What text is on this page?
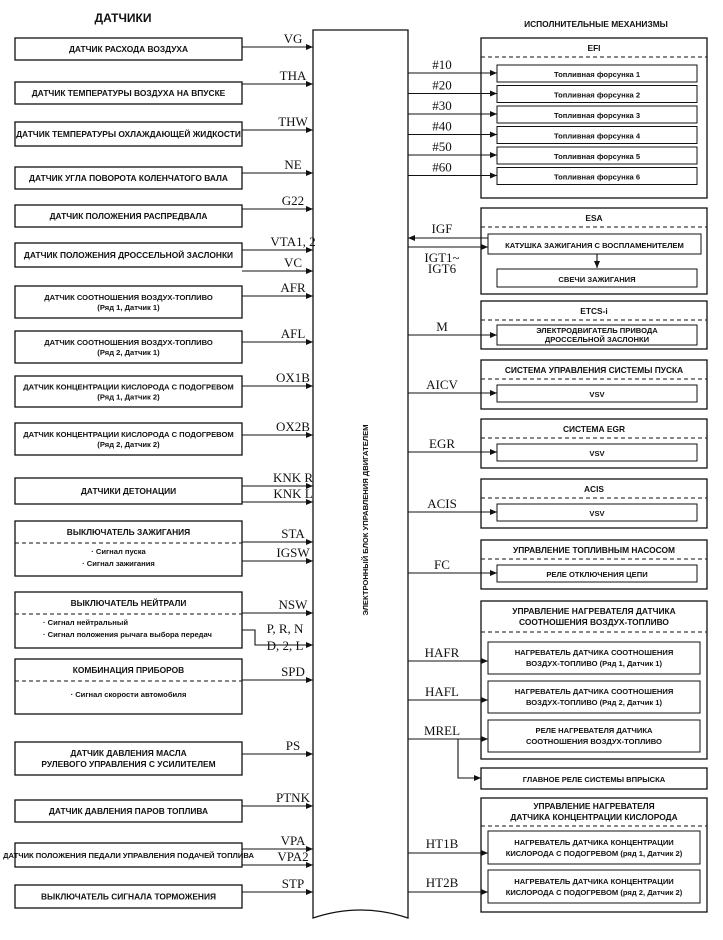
ДАТЧИКИ	ИСПОЛНИТЕЛЬНЫЕ МЕХАНИЗМЫ
ЭЛЕКТРОННЫЙ БЛОК УПРАВЛЕНИЯ ДВИГАТЕЛЕМ
ДАТЧИК РАСХОДА ВОЗДУХА
VG
ДАТЧИК ТЕМПЕРАТУРЫ ВОЗДУХА НА ВПУСКЕ
THA
ДАТЧИК ТЕМПЕРАТУРЫ ОХЛАЖДАЮЩЕЙ ЖИДКОСТИ
THW
ДАТЧИК УГЛА ПОВОРОТА КОЛЕНЧАТОГО ВАЛА
NE
ДАТЧИК ПОЛОЖЕНИЯ РАСПРЕДВАЛА
G22
ДАТЧИК ПОЛОЖЕНИЯ ДРОССЕЛЬНОЙ ЗАСЛОНКИ
VTA1, 2
VC
ДАТЧИК СООТНОШЕНИЯ ВОЗДУХ-ТОПЛИВО
(Ряд 1, Датчик 1)
AFR
ДАТЧИК СООТНОШЕНИЯ ВОЗДУХ-ТОПЛИВО
(Ряд 2, Датчик 1)
AFL
ДАТЧИК КОНЦЕНТРАЦИИ КИСЛОРОДА С ПОДОГРЕВОМ
(Ряд 1, Датчик 2)
OX1B
ДАТЧИК КОНЦЕНТРАЦИИ КИСЛОРОДА С ПОДОГРЕВОМ
(Ряд 2, Датчик 2)
OX2B
ДАТЧИКИ ДЕТОНАЦИИ
KNK R
KNK L
ВЫКЛЮЧАТЕЛЬ ЗАЖИГАНИЯ
· Сигнал пуска
· Сигнал зажигания
ВЫКЛЮЧАТЕЛЬ НЕЙТРАЛИ
· Сигнал нейтральный
· Сигнал положения рычага выбора передач
КОМБИНАЦИЯ ПРИБОРОВ
· Сигнал скорости автомобиля
STA
IGSW
NSW
P, R, N
D, 2, L
SPD
ДАТЧИК ДАВЛЕНИЯ МАСЛА
РУЛЕВОГО УПРАВЛЕНИЯ С УСИЛИТЕЛЕМ
PS
ДАТЧИК ДАВЛЕНИЯ ПАРОВ ТОПЛИВА
PTNK
ДАТЧИК ПОЛОЖЕНИЯ ПЕДАЛИ УПРАВЛЕНИЯ ПОДАЧЕЙ ТОПЛИВА
VPA
VPA2
ВЫКЛЮЧАТЕЛЬ СИГНАЛА ТОРМОЖЕНИЯ
STP
EFI
Топливная форсунка 1
#10
Топливная форсунка 2
#20
Топливная форсунка 3
#30
Топливная форсунка 4
#40
Топливная форсунка 5
#50
Топливная форсунка 6
#60
ESA
КАТУШКА ЗАЖИГАНИЯ С ВОСПЛАМЕНИТЕЛЕМ
СВЕЧИ ЗАЖИГАНИЯ
IGF
IGT1~
IGT6
ETCS-i
ЭЛЕКТРОДВИГАТЕЛЬ ПРИВОДА
ДРОССЕЛЬНОЙ ЗАСЛОНКИ
M
СИСТЕМА УПРАВЛЕНИЯ СИСТЕМЫ ПУСКА
VSV
AICV
СИСТЕМА EGR
VSV
EGR
ACIS
VSV
ACIS
УПРАВЛЕНИЕ ТОПЛИВНЫМ НАСОСОМ
РЕЛЕ ОТКЛЮЧЕНИЯ ЦЕПИ
FC
УПРАВЛЕНИЕ НАГРЕВАТЕЛЯ ДАТЧИКА
СООТНОШЕНИЯ ВОЗДУХ-ТОПЛИВО
НАГРЕВАТЕЛЬ ДАТЧИКА СООТНОШЕНИЯ
ВОЗДУХ-ТОПЛИВО (Ряд 1, Датчик 1)
HAFR
НАГРЕВАТЕЛЬ ДАТЧИКА СООТНОШЕНИЯ
ВОЗДУХ-ТОПЛИВО (Ряд 2, Датчик 1)
HAFL
РЕЛЕ НАГРЕВАТЕЛЯ ДАТЧИКА
СООТНОШЕНИЯ ВОЗДУХ-ТОПЛИВО
MREL
ГЛАВНОЕ РЕЛЕ СИСТЕМЫ ВПРЫСКА
УПРАВЛЕНИЕ НАГРЕВАТЕЛЯ
ДАТЧИКА КОНЦЕНТРАЦИИ КИСЛОРОДА
НАГРЕВАТЕЛЬ ДАТЧИКА КОНЦЕНТРАЦИИ
КИСЛОРОДА С ПОДОГРЕВОМ (ряд 1, Датчик 2)
HT1B
НАГРЕВАТЕЛЬ ДАТЧИКА КОНЦЕНТРАЦИИ
КИСЛОРОДА С ПОДОГРЕВОМ (ряд 2, Датчик 2)
HT2B
